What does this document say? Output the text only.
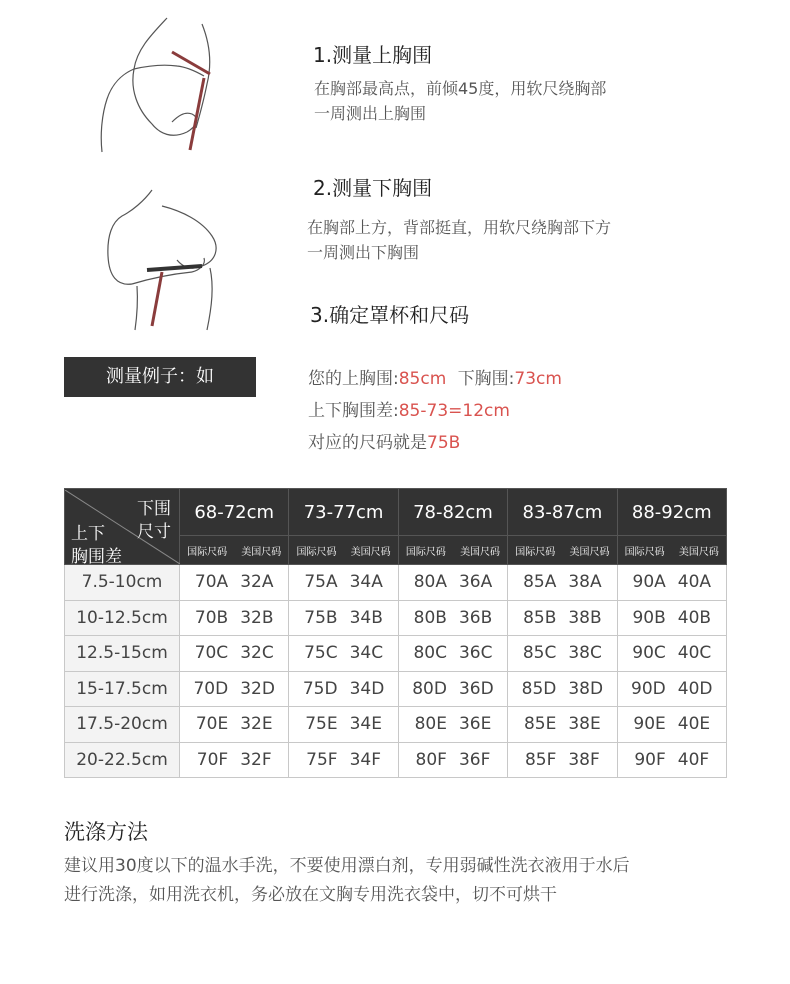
1.测量上胸围
在胸部最高点，前倾45度，用软尺绕胸部
一周测出上胸围
2.测量下胸围
在胸部上方，背部挺直，用软尺绕胸部下方
一周测出下胸围
3.确定罩杯和尺码
测量例子：如	您的上胸围:85cm 下胸围:73cm
上下胸围差:85-73=12cm
对应的尺码就是75B
下围
尺寸
上下
胸围差	68-72cm	73-77cm	78-82cm	83-87cm	88-92cm
	国际尺码 美国尺码	国际尺码 美国尺码	国际尺码 美国尺码	国际尺码 美国尺码	国际尺码 美国尺码
7.5-10cm	70A 32A	75A 34A	80A 36A	85A 38A	90A 40A
10-12.5cm	70B 32B	75B 34B	80B 36B	85B 38B	90B 40B
12.5-15cm	70C 32C	75C 34C	80C 36C	85C 38C	90C 40C
15-17.5cm	70D 32D	75D 34D	80D 36D	85D 38D	90D 40D
17.5-20cm	70E 32E	75E 34E	80E 36E	85E 38E	90E 40E
20-22.5cm	70F 32F	75F 34F	80F 36F	85F 38F	90F 40F
洗涤方法
建议用30度以下的温水手洗，不要使用漂白剂，专用弱碱性洗衣液用于水后
进行洗涤，如用洗衣机，务必放在文胸专用洗衣袋中，切不可烘干
